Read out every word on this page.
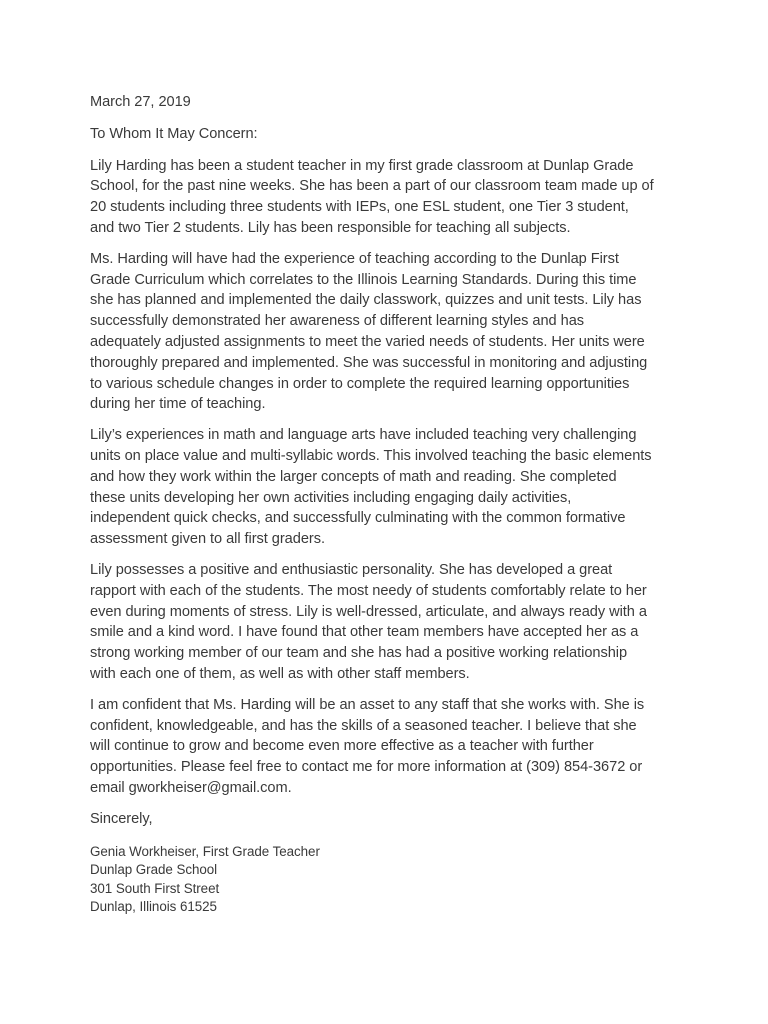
March 27, 2019

To Whom It May Concern:

Lily Harding has been a student teacher in my first grade classroom at Dunlap Grade
School, for the past nine weeks. She has been a part of our classroom team made up of
20 students including three students with IEPs, one ESL student, one Tier 3 student,
and two Tier 2 students. Lily has been responsible for teaching all subjects.

Ms. Harding will have had the experience of teaching according to the Dunlap First
Grade Curriculum which correlates to the Illinois Learning Standards. During this time
she has planned and implemented the daily classwork, quizzes and unit tests. Lily has
successfully demonstrated her awareness of different learning styles and has
adequately adjusted assignments to meet the varied needs of students. Her units were
thoroughly prepared and implemented. She was successful in monitoring and adjusting
to various schedule changes in order to complete the required learning opportunities
during her time of teaching.

Lily’s experiences in math and language arts have included teaching very challenging
units on place value and multi-syllabic words. This involved teaching the basic elements
and how they work within the larger concepts of math and reading. She completed
these units developing her own activities including engaging daily activities,
independent quick checks, and successfully culminating with the common formative
assessment given to all first graders.

Lily possesses a positive and enthusiastic personality. She has developed a great
rapport with each of the students. The most needy of students comfortably relate to her
even during moments of stress. Lily is well-dressed, articulate, and always ready with a
smile and a kind word. I have found that other team members have accepted her as a
strong working member of our team and she has had a positive working relationship
with each one of them, as well as with other staff members.

I am confident that Ms. Harding will be an asset to any staff that she works with. She is
confident, knowledgeable, and has the skills of a seasoned teacher. I believe that she
will continue to grow and become even more effective as a teacher with further
opportunities. Please feel free to contact me for more information at (309) 854-3672 or
email gworkheiser@gmail.com.

Sincerely,

Genia Workheiser, First Grade Teacher
Dunlap Grade School
301 South First Street
Dunlap, Illinois 61525
